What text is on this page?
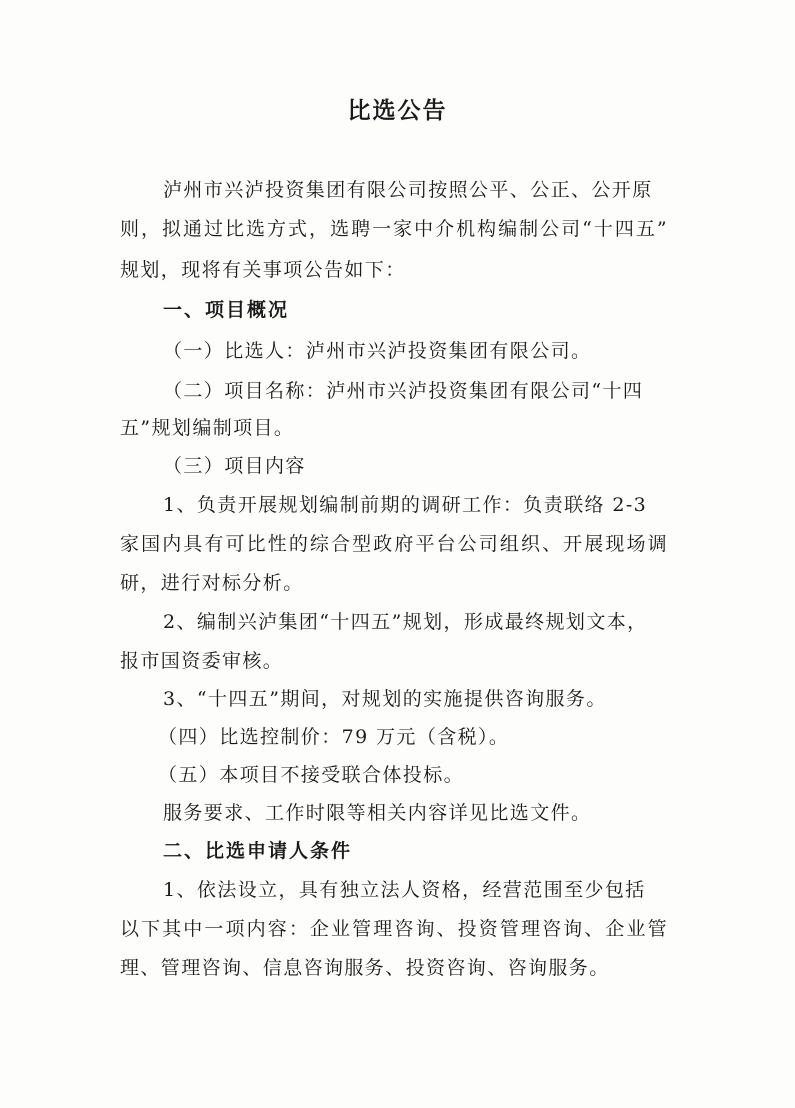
比选公告
泸州市兴泸投资集团有限公司按照公平、公正、公开原
则，拟通过比选方式，选聘一家中介机构编制公司“十四五”
规划，现将有关事项公告如下：
一、项目概况
（一）比选人：泸州市兴泸投资集团有限公司。
（二）项目名称：泸州市兴泸投资集团有限公司“十四
五”规划编制项目。
（三）项目内容
1、负责开展规划编制前期的调研工作：负责联络 2-3
家国内具有可比性的综合型政府平台公司组织、开展现场调
研，进行对标分析。
2、编制兴泸集团“十四五”规划，形成最终规划文本，
报市国资委审核。
3、“十四五”期间，对规划的实施提供咨询服务。
（四）比选控制价：79 万元（含税）。
（五）本项目不接受联合体投标。
服务要求、工作时限等相关内容详见比选文件。
二、比选申请人条件
1、依法设立，具有独立法人资格，经营范围至少包括
以下其中一项内容：企业管理咨询、投资管理咨询、企业管
理、管理咨询、信息咨询服务、投资咨询、咨询服务。
